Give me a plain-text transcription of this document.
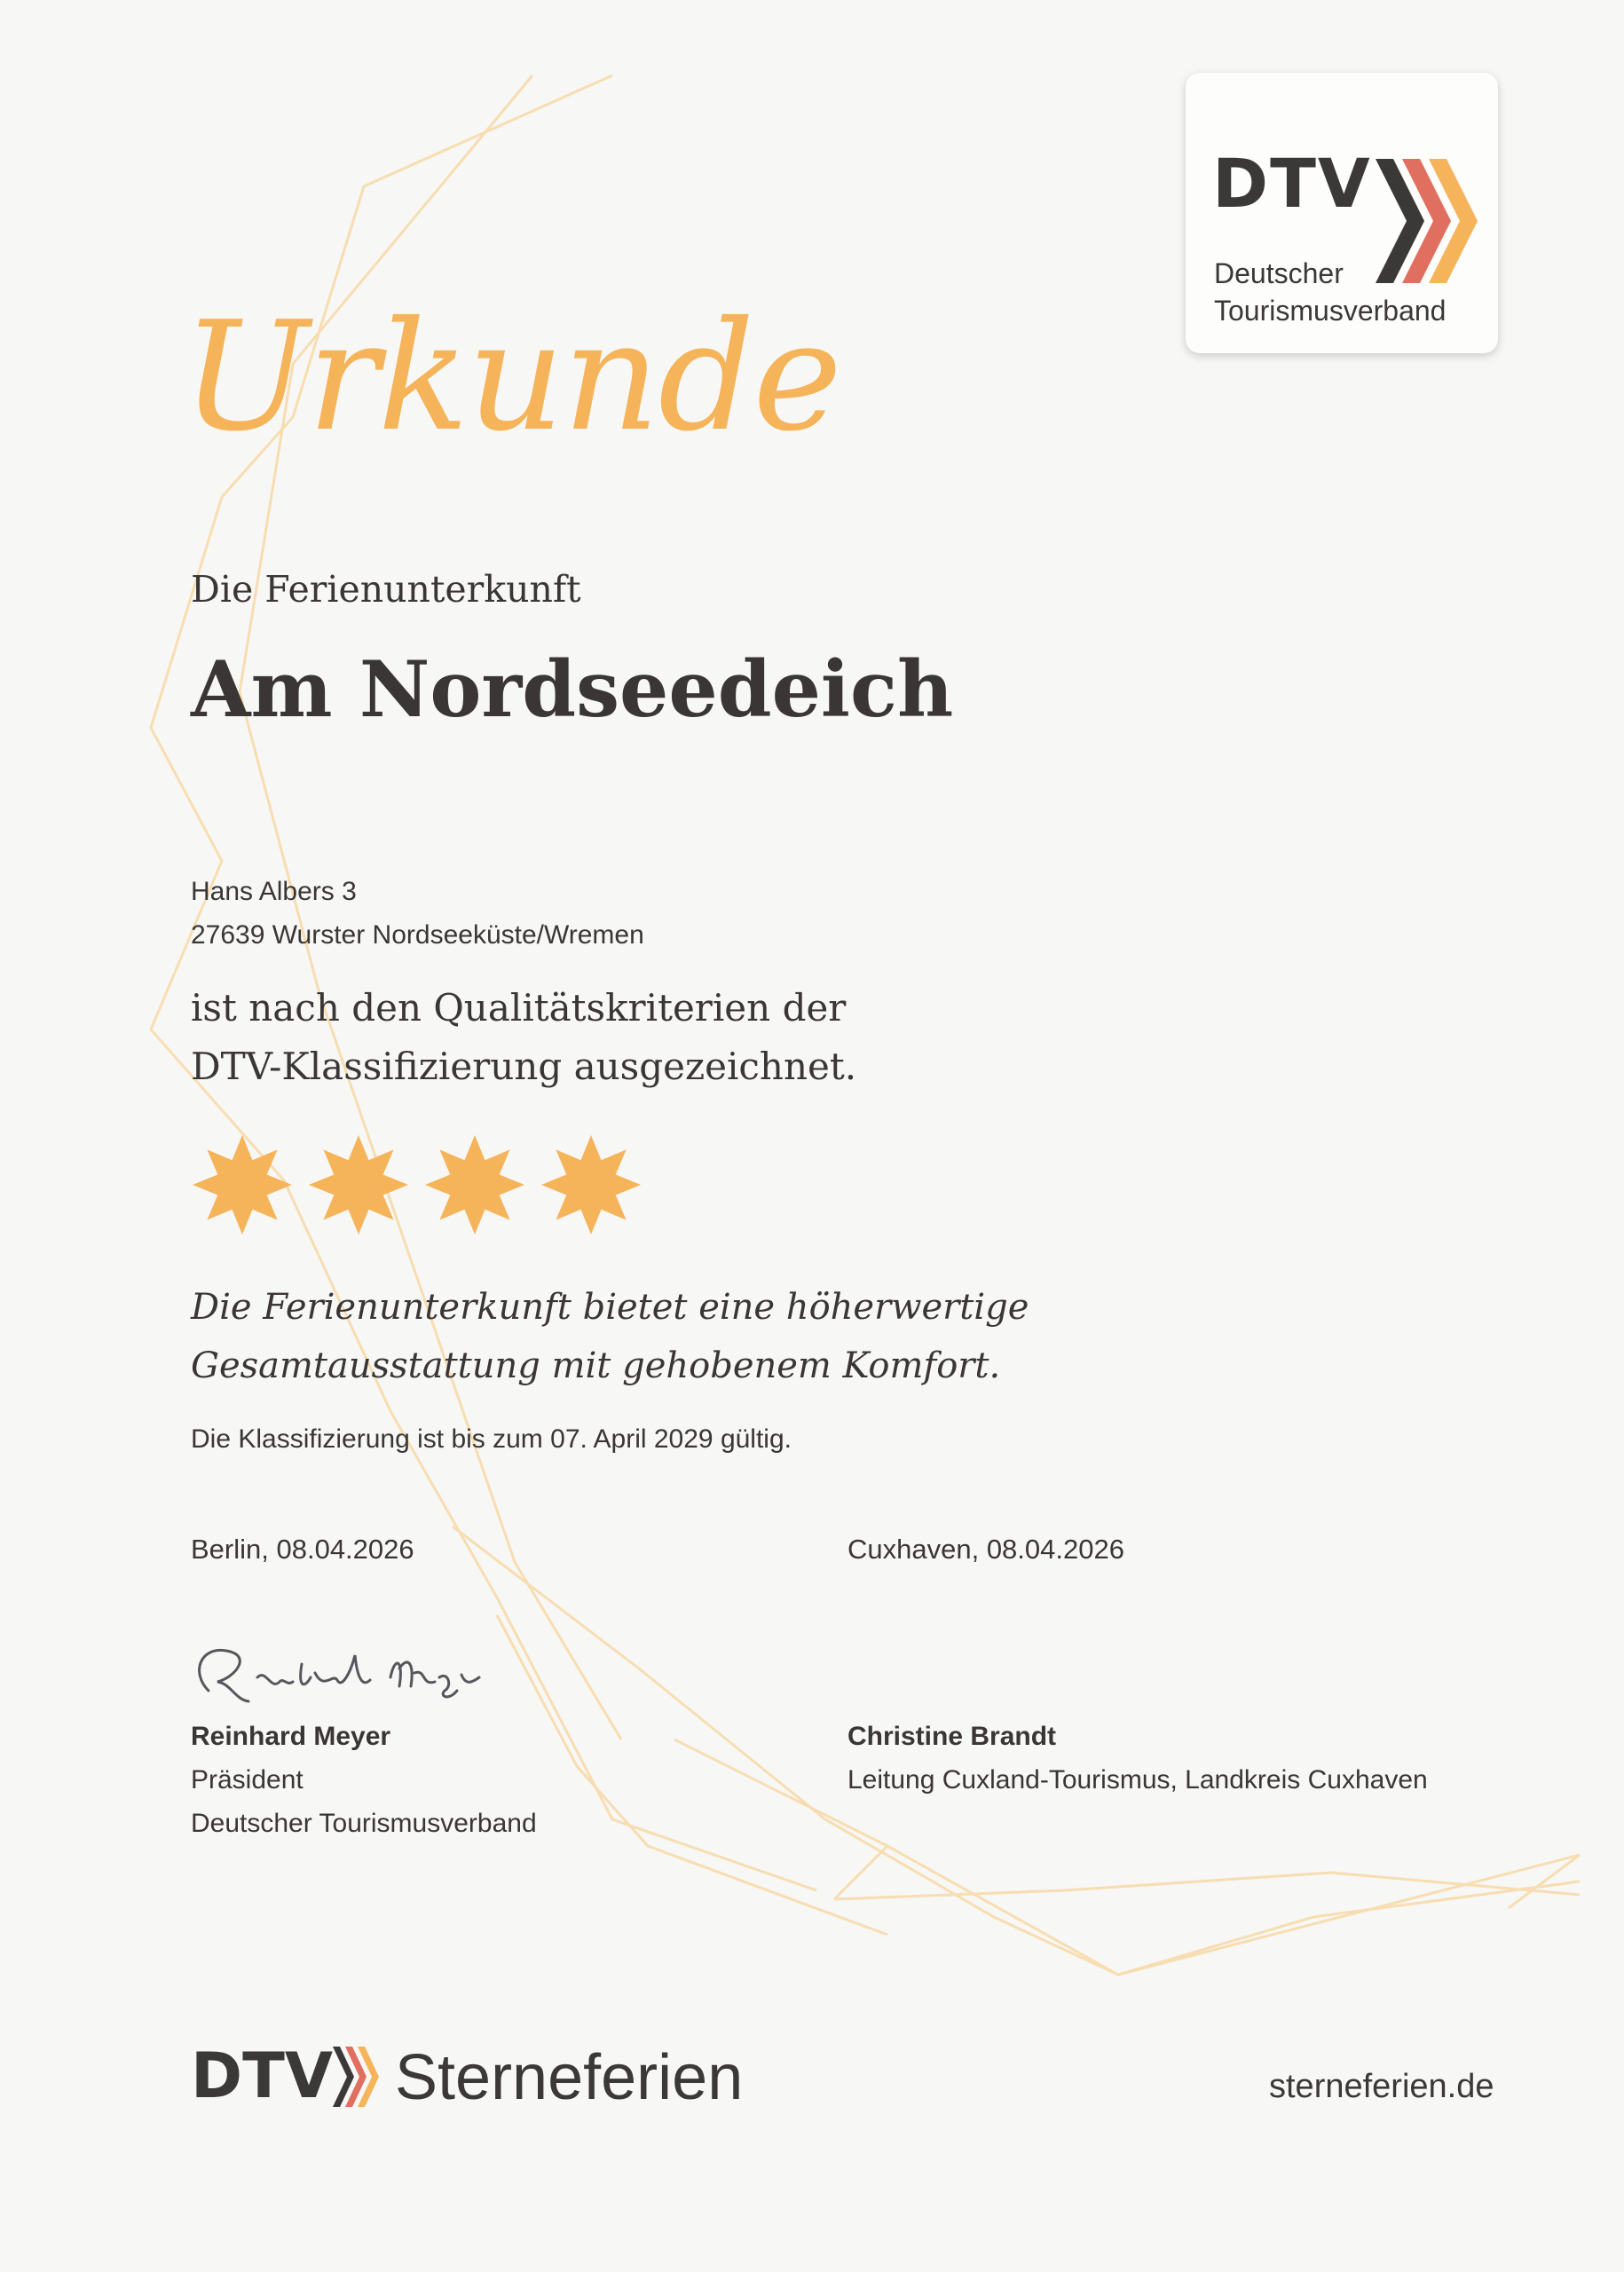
DTV
Deutscher
Tourismusverband
Urkunde
Die Ferienunterkunft
Am Nordseedeich
Hans Albers 3
27639 Wurster Nordseeküste/Wremen
ist nach den Qualitätskriterien der
DTV-Klassifizierung ausgezeichnet.
Die Ferienunterkunft bietet eine höherwertige
Gesamtausstattung mit gehobenem Komfort.
Die Klassifizierung ist bis zum 07. April 2029 gültig.
Berlin, 08.04.2026	Cuxhaven, 08.04.2026
Reinhard Meyer
Präsident
Deutscher Tourismusverband
Christine Brandt
Leitung Cuxland-Tourismus, Landkreis Cuxhaven
DTV Sterneferien	sterneferien.de
